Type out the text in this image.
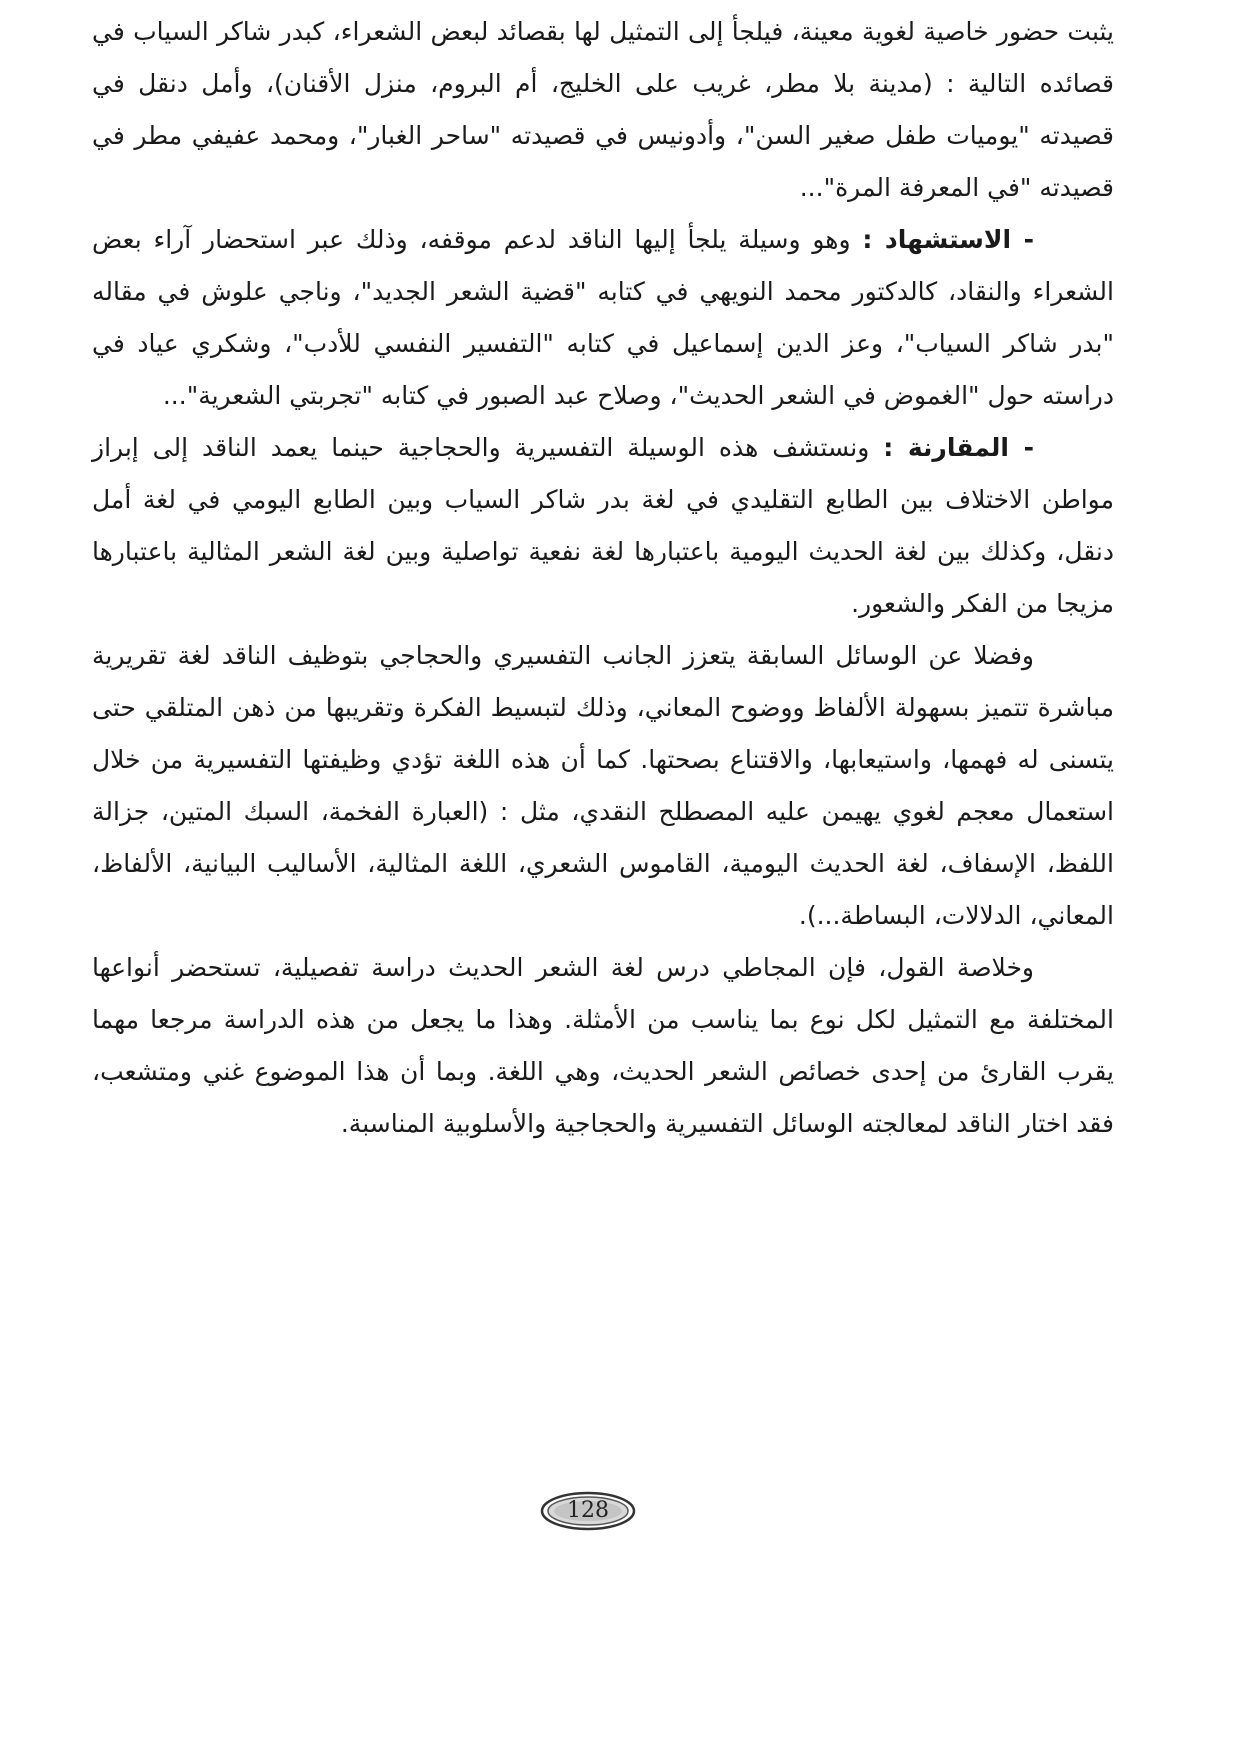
يثبت حضور خاصية لغوية معينة، فيلجأ إلى التمثيل لها بقصائد لبعض الشعراء، كبدر شاكر السياب في قصائده التالية : (مدينة بلا مطر، غريب على الخليج، أم البروم، منزل الأقنان)، وأمل دنقل في قصيدته "يوميات طفل صغير السن"، وأدونيس في قصيدته "ساحر الغبار"، ومحمد عفيفي مطر في قصيدته "في المعرفة المرة"...

- الاستشهاد : وهو وسيلة يلجأ إليها الناقد لدعم موقفه، وذلك عبر استحضار آراء بعض الشعراء والنقاد، كالدكتور محمد النويهي في كتابه "قضية الشعر الجديد"، وناجي علوش في مقاله "بدر شاكر السياب"، وعز الدين إسماعيل في كتابه "التفسير النفسي للأدب"، وشكري عياد في دراسته حول "الغموض في الشعر الحديث"، وصلاح عبد الصبور في كتابه "تجربتي الشعرية"...

- المقارنة : ونستشف هذه الوسيلة التفسيرية والحجاجية حينما يعمد الناقد إلى إبراز مواطن الاختلاف بين الطابع التقليدي في لغة بدر شاكر السياب وبين الطابع اليومي في لغة أمل دنقل، وكذلك بين لغة الحديث اليومية باعتبارها لغة نفعية تواصلية وبين لغة الشعر المثالية باعتبارها مزيجا من الفكر والشعور.

وفضلا عن الوسائل السابقة يتعزز الجانب التفسيري والحجاجي بتوظيف الناقد لغة تقريرية مباشرة تتميز بسهولة الألفاظ ووضوح المعاني، وذلك لتبسيط الفكرة وتقريبها من ذهن المتلقي حتى يتسنى له فهمها، واستيعابها، والاقتناع بصحتها. كما أن هذه اللغة تؤدي وظيفتها التفسيرية من خلال استعمال معجم لغوي يهيمن عليه المصطلح النقدي، مثل : (العبارة الفخمة، السبك المتين، جزالة اللفظ، الإسفاف، لغة الحديث اليومية، القاموس الشعري، اللغة المثالية، الأساليب البيانية، الألفاظ، المعاني، الدلالات، البساطة...).

وخلاصة القول، فإن المجاطي درس لغة الشعر الحديث دراسة تفصيلية، تستحضر أنواعها المختلفة مع التمثيل لكل نوع بما يناسب من الأمثلة. وهذا ما يجعل من هذه الدراسة مرجعا مهما يقرب القارئ من إحدى خصائص الشعر الحديث، وهي اللغة. وبما أن هذا الموضوع غني ومتشعب، فقد اختار الناقد لمعالجته الوسائل التفسيرية والحجاجية والأسلوبية المناسبة.

128
